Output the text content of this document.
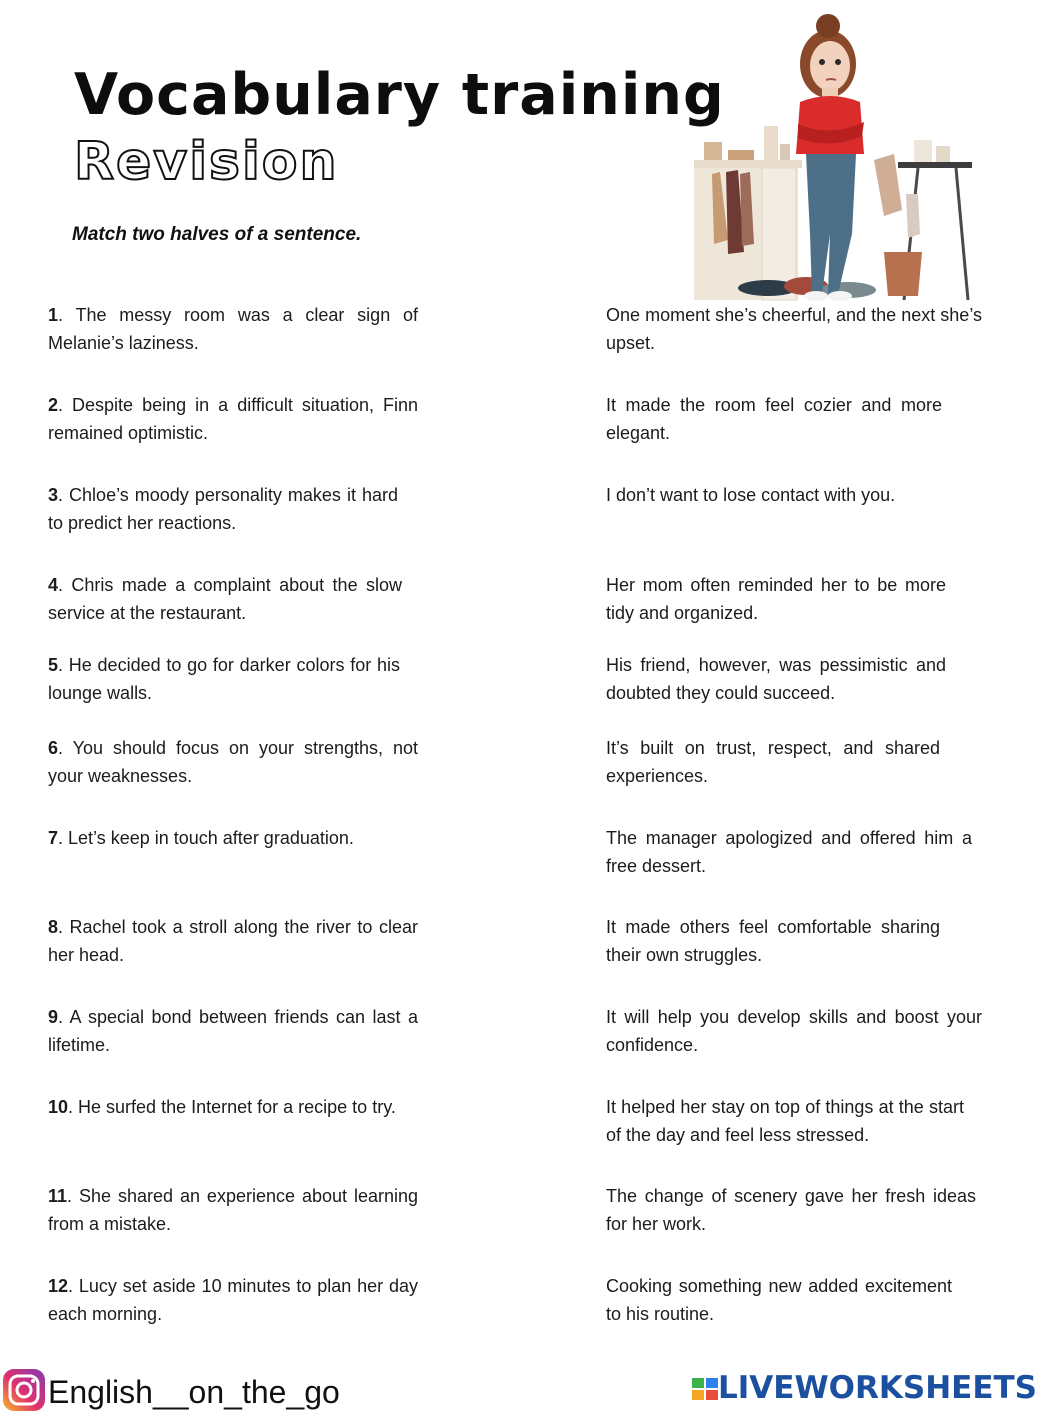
Vocabulary training
Revision
Match two halves of a sentence.
1. The messy room was a clear sign of Melanie’s laziness.
2. Despite being in a difficult situation, Finn remained optimistic.
3. Chloe’s moody personality makes it hard to predict her reactions.
4. Chris made a complaint about the slow service at the restaurant.
5. He decided to go for darker colors for his lounge walls.
6. You should focus on your strengths, not your weaknesses.
7. Let’s keep in touch after graduation.
8. Rachel took a stroll along the river to clear her head.
9. A special bond between friends can last a lifetime.
10. He surfed the Internet for a recipe to try.
11. She shared an experience about learning from a mistake.
12. Lucy set aside 10 minutes to plan her day each morning.
One moment she’s cheerful, and the next she’s upset.
It made the room feel cozier and more elegant.
I don’t want to lose contact with you.
Her mom often reminded her to be more tidy and organized.
His friend, however, was pessimistic and doubted they could succeed.
It’s built on trust, respect, and shared experiences.
The manager apologized and offered him a free dessert.
It made others feel comfortable sharing their own struggles.
It will help you develop skills and boost your confidence.
It helped her stay on top of things at the start of the day and feel less stressed.
The change of scenery gave her fresh ideas for her work.
Cooking something new added excitement to his routine.
English__on_the_go	LIVEWORKSHEETS
